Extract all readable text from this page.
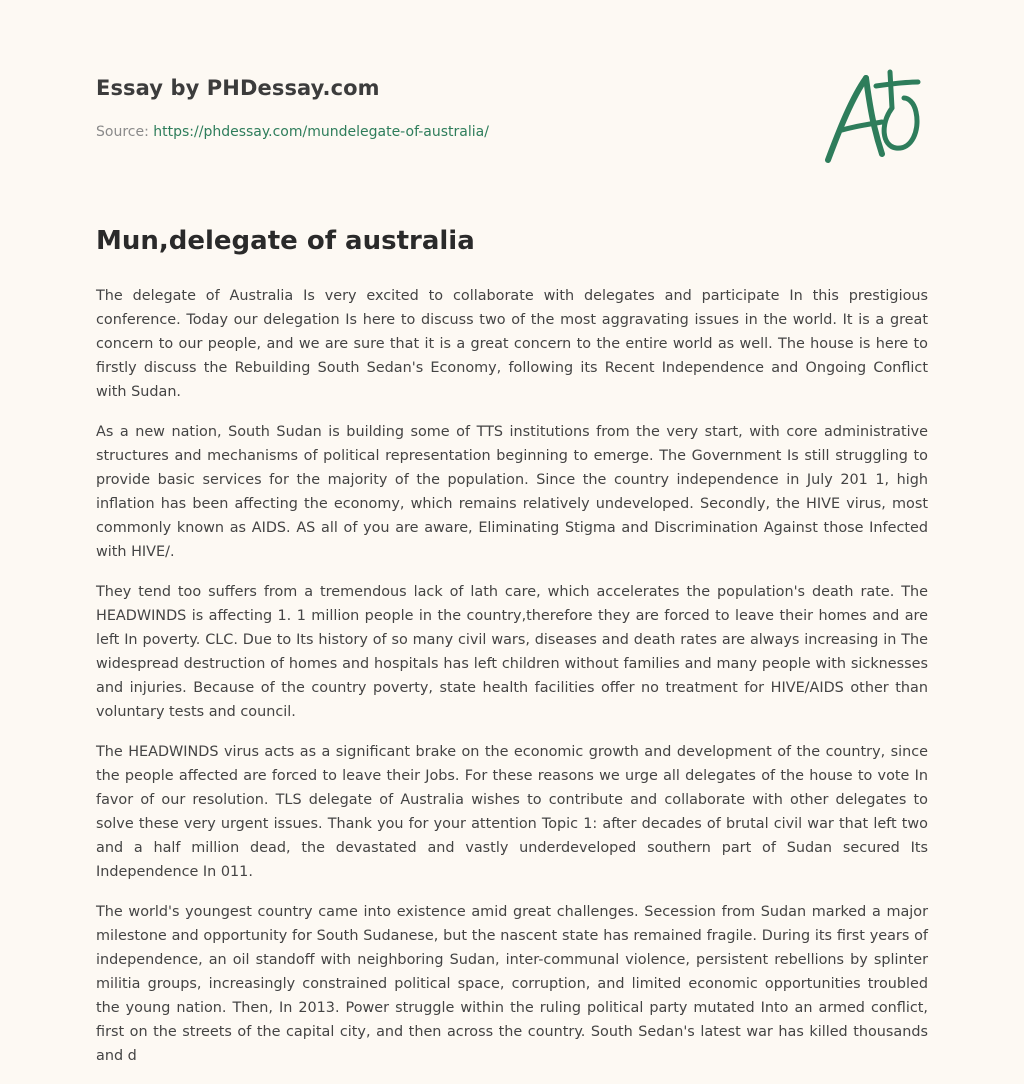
Essay by PHDessay.com
Source: https://phdessay.com/mundelegate-of-australia/
Mun,delegate of australia

The delegate of Australia Is very excited to collaborate with delegates and participate In this prestigious conference. Today our delegation Is here to discuss two of the most aggravating issues in the world. It is a great concern to our people, and we are sure that it is a great concern to the entire world as well. The house is here to firstly discuss the Rebuilding South Sedan's Economy, following its Recent Independence and Ongoing Conflict with Sudan.

As a new nation, South Sudan is building some of TTS institutions from the very start, with core administrative structures and mechanisms of political representation beginning to emerge. The Government Is still struggling to provide basic services for the majority of the population. Since the country independence in July 201 1, high inflation has been affecting the economy, which remains relatively undeveloped. Secondly, the HIVE virus, most commonly known as AIDS. AS all of you are aware, Eliminating Stigma and Discrimination Against those Infected with HIVE/.

They tend too suffers from a tremendous lack of lath care, which accelerates the population's death rate. The HEADWINDS is affecting 1. 1 million people in the country,therefore they are forced to leave their homes and are left In poverty. CLC. Due to Its history of so many civil wars, diseases and death rates are always increasing in The widespread destruction of homes and hospitals has left children without families and many people with sicknesses and injuries. Because of the country poverty, state health facilities offer no treatment for HIVE/AIDS other than voluntary tests and council.

The HEADWINDS virus acts as a significant brake on the economic growth and development of the country, since the people affected are forced to leave their Jobs. For these reasons we urge all delegates of the house to vote In favor of our resolution. TLS delegate of Australia wishes to contribute and collaborate with other delegates to solve these very urgent issues. Thank you for your attention Topic 1: after decades of brutal civil war that left two and a half million dead, the devastated and vastly underdeveloped southern part of Sudan secured Its Independence In 011.

The world's youngest country came into existence amid great challenges. Secession from Sudan marked a major milestone and opportunity for South Sudanese, but the nascent state has remained fragile. During its first years of independence, an oil standoff with neighboring Sudan, inter-communal violence, persistent rebellions by splinter militia groups, increasingly constrained political space, corruption, and limited economic opportunities troubled the young nation. Then, In 2013. Power struggle within the ruling political party mutated Into an armed conflict, first on the streets of the capital city, and then across the country. South Sedan's latest war has killed thousands and d
